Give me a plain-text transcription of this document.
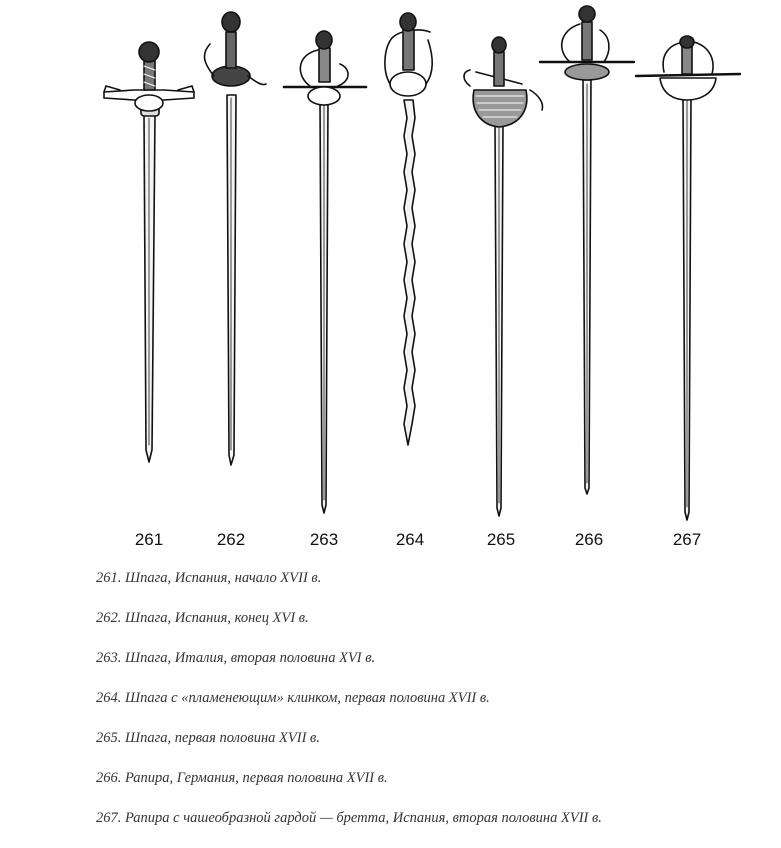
261	262	263	264	265	266	267
261. Шпага, Испания, начало XVII в.
262. Шпага, Испания, конец XVI в.
263. Шпага, Италия, вторая половина XVI в.
264. Шпага с «пламенеющим» клинком, первая половина XVII в.
265. Шпага, первая половина XVII в.
266. Рапира, Германия, первая половина XVII в.
267. Рапира с чашеобразной гардой — бретта, Испания, вторая половина XVII в.
